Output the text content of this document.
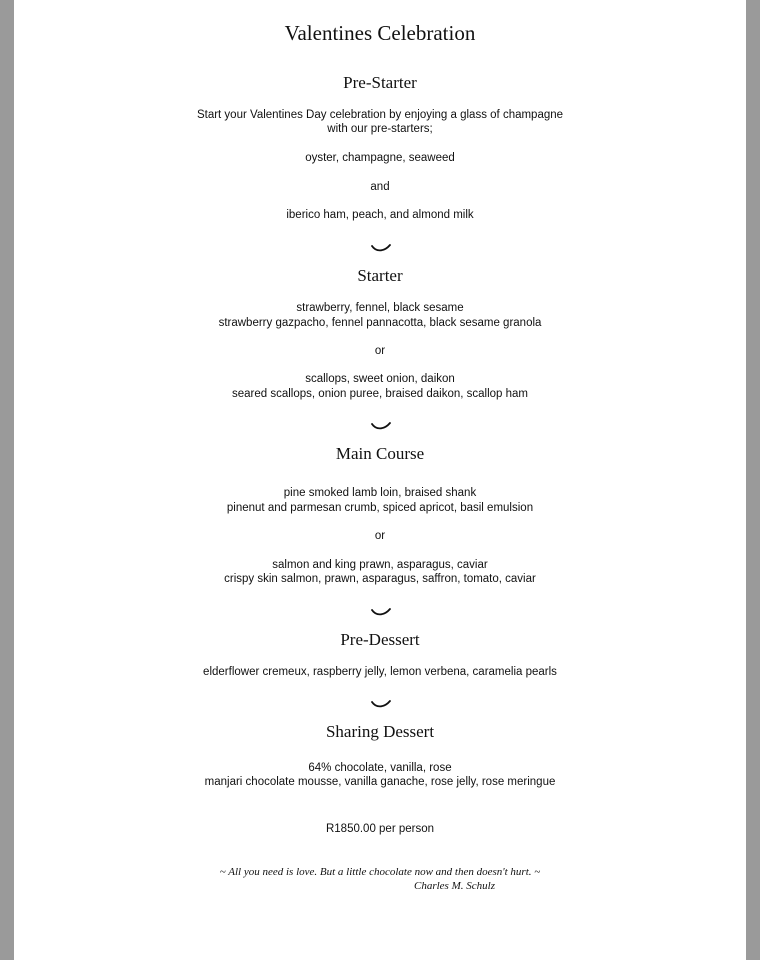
Valentines Celebration
Pre-Starter
Start your Valentines Day celebration by enjoying a glass of champagne
with our pre-starters;
oyster, champagne, seaweed
and
iberico ham, peach, and almond milk
Starter
strawberry, fennel, black sesame
strawberry gazpacho, fennel pannacotta, black sesame granola
or
scallops, sweet onion, daikon
seared scallops, onion puree, braised daikon, scallop ham
Main Course
pine smoked lamb loin, braised shank
pinenut and parmesan crumb, spiced apricot, basil emulsion
or
salmon and king prawn, asparagus, caviar
crispy skin salmon, prawn, asparagus, saffron, tomato, caviar
Pre-Dessert
elderflower cremeux, raspberry jelly, lemon verbena, caramelia pearls
Sharing Dessert
64% chocolate, vanilla, rose
manjari chocolate mousse, vanilla ganache, rose jelly, rose meringue
R1850.00 per person
~ All you need is love. But a little chocolate now and then doesn't hurt. ~
Charles M. Schulz
